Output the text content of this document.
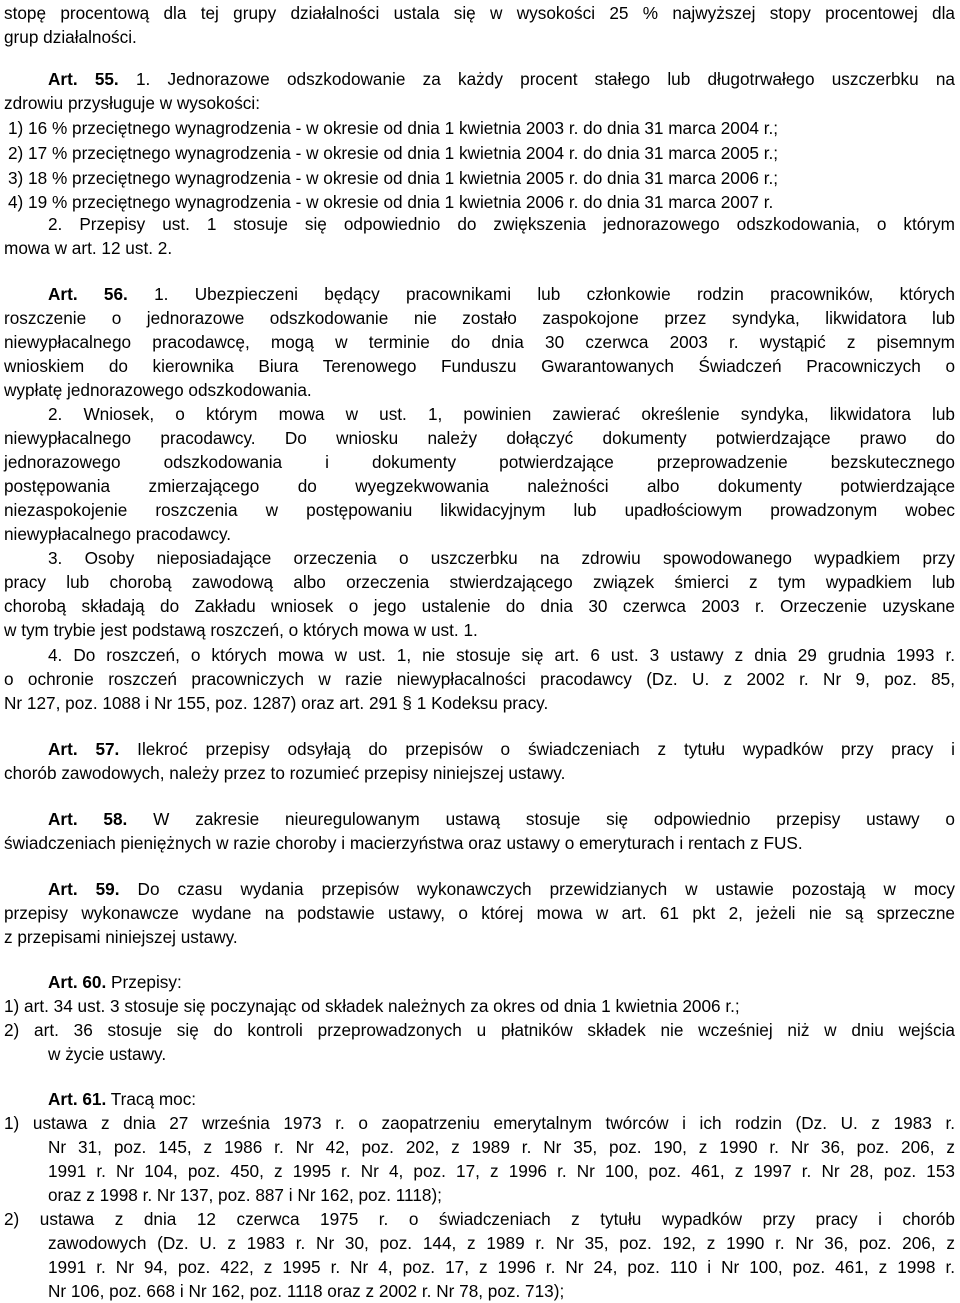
stopę procentową dla tej grupy działalności ustala się w wysokości 25 % najwyższej stopy procentowej dla
grup działalności.
Art. 55. 1. Jednorazowe odszkodowanie za każdy procent stałego lub długotrwałego uszczerbku na
zdrowiu przysługuje w wysokości:
1) 16 % przeciętnego wynagrodzenia - w okresie od dnia 1 kwietnia 2003 r. do dnia 31 marca 2004 r.;
2) 17 % przeciętnego wynagrodzenia - w okresie od dnia 1 kwietnia 2004 r. do dnia 31 marca 2005 r.;
3) 18 % przeciętnego wynagrodzenia - w okresie od dnia 1 kwietnia 2005 r. do dnia 31 marca 2006 r.;
4) 19 % przeciętnego wynagrodzenia - w okresie od dnia 1 kwietnia 2006 r. do dnia 31 marca 2007 r.
2. Przepisy ust. 1 stosuje się odpowiednio do zwiększenia jednorazowego odszkodowania, o którym
mowa w art. 12 ust. 2.
Art. 56. 1. Ubezpieczeni będący pracownikami lub członkowie rodzin pracowników, których
roszczenie o jednorazowe odszkodowanie nie zostało zaspokojone przez syndyka, likwidatora lub
niewypłacalnego pracodawcę, mogą w terminie do dnia 30 czerwca 2003 r. wystąpić z pisemnym
wnioskiem do kierownika Biura Terenowego Funduszu Gwarantowanych Świadczeń Pracowniczych o
wypłatę jednorazowego odszkodowania.
2. Wniosek, o którym mowa w ust. 1, powinien zawierać określenie syndyka, likwidatora lub
niewypłacalnego pracodawcy. Do wniosku należy dołączyć dokumenty potwierdzające prawo do
jednorazowego odszkodowania i dokumenty potwierdzające przeprowadzenie bezskutecznego
postępowania zmierzającego do wyegzekwowania należności albo dokumenty potwierdzające
niezaspokojenie roszczenia w postępowaniu likwidacyjnym lub upadłościowym prowadzonym wobec
niewypłacalnego pracodawcy.
3. Osoby nieposiadające orzeczenia o uszczerbku na zdrowiu spowodowanego wypadkiem przy
pracy lub chorobą zawodową albo orzeczenia stwierdzającego związek śmierci z tym wypadkiem lub
chorobą składają do Zakładu wniosek o jego ustalenie do dnia 30 czerwca 2003 r. Orzeczenie uzyskane
w tym trybie jest podstawą roszczeń, o których mowa w ust. 1.
4. Do roszczeń, o których mowa w ust. 1, nie stosuje się art. 6 ust. 3 ustawy z dnia 29 grudnia 1993 r.
o ochronie roszczeń pracowniczych w razie niewypłacalności pracodawcy (Dz. U. z 2002 r. Nr 9, poz. 85,
Nr 127, poz. 1088 i Nr 155, poz. 1287) oraz art. 291 § 1 Kodeksu pracy.
Art. 57. Ilekroć przepisy odsyłają do przepisów o świadczeniach z tytułu wypadków przy pracy i
chorób zawodowych, należy przez to rozumieć przepisy niniejszej ustawy.
Art. 58. W zakresie nieuregulowanym ustawą stosuje się odpowiednio przepisy ustawy o
świadczeniach pieniężnych w razie choroby i macierzyństwa oraz ustawy o emeryturach i rentach z FUS.
Art. 59. Do czasu wydania przepisów wykonawczych przewidzianych w ustawie pozostają w mocy
przepisy wykonawcze wydane na podstawie ustawy, o której mowa w art. 61 pkt 2, jeżeli nie są sprzeczne
z przepisami niniejszej ustawy.
Art. 60. Przepisy:
1) art. 34 ust. 3 stosuje się poczynając od składek należnych za okres od dnia 1 kwietnia 2006 r.;
2) art. 36 stosuje się do kontroli przeprowadzonych u płatników składek nie wcześniej niż w dniu wejścia
w życie ustawy.
Art. 61. Tracą moc:
1) ustawa z dnia 27 września 1973 r. o zaopatrzeniu emerytalnym twórców i ich rodzin (Dz. U. z 1983 r.
Nr 31, poz. 145, z 1986 r. Nr 42, poz. 202, z 1989 r. Nr 35, poz. 190, z 1990 r. Nr 36, poz. 206, z
1991 r. Nr 104, poz. 450, z 1995 r. Nr 4, poz. 17, z 1996 r. Nr 100, poz. 461, z 1997 r. Nr 28, poz. 153
oraz z 1998 r. Nr 137, poz. 887 i Nr 162, poz. 1118);
2) ustawa z dnia 12 czerwca 1975 r. o świadczeniach z tytułu wypadków przy pracy i chorób
zawodowych (Dz. U. z 1983 r. Nr 30, poz. 144, z 1989 r. Nr 35, poz. 192, z 1990 r. Nr 36, poz. 206, z
1991 r. Nr 94, poz. 422, z 1995 r. Nr 4, poz. 17, z 1996 r. Nr 24, poz. 110 i Nr 100, poz. 461, z 1998 r.
Nr 106, poz. 668 i Nr 162, poz. 1118 oraz z 2002 r. Nr 78, poz. 713);
